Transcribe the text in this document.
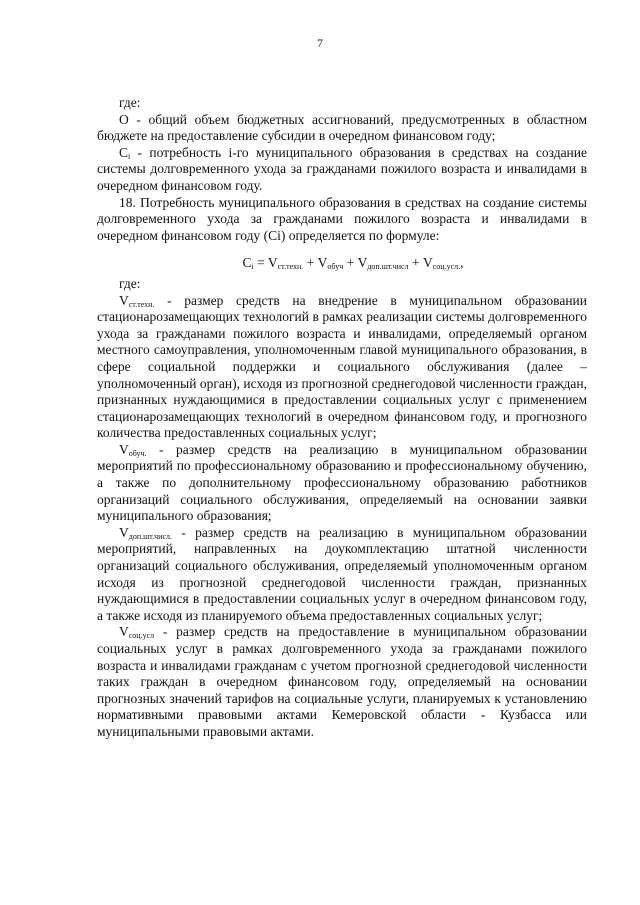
7

где:

О - общий объем бюджетных ассигнований, предусмотренных в областном бюджете на предоставление субсидии в очередном финансовом году;

$C_i$ - потребность i-го муниципального образования в средствах на создание системы долговременного ухода за гражданами пожилого возраста и инвалидами в очередном финансовом году.

18. Потребность муниципального образования в средствах на создание системы долговременного ухода за гражданами пожилого возраста и инвалидами в очередном финансовом году (Ci) определяется по формуле:

$C_i = V_{ст.техн.} + V_{обуч} + V_{доп.шт.числ} + V_{соц.усл.}$,

где:

$V_{ст.техн.}$ - размер средств на внедрение в муниципальном образовании стационарозамещающих технологий в рамках реализации системы долговременного ухода за гражданами пожилого возраста и инвалидами, определяемый органом местного самоуправления, уполномоченным главой муниципального образования, в сфере социальной поддержки и социального обслуживания (далее – уполномоченный орган), исходя из прогнозной среднегодовой численности граждан, признанных нуждающимися в предоставлении социальных услуг с применением стационарозамещающих технологий в очередном финансовом году, и прогнозного количества предоставленных социальных услуг;

$V_{обуч.}$ - размер средств на реализацию в муниципальном образовании мероприятий по профессиональному образованию и профессиональному обучению, а также по дополнительному профессиональному образованию работников организаций социального обслуживания, определяемый на основании заявки муниципального образования;

$V_{доп.шт.числ.}$ - размер средств на реализацию в муниципальном образовании мероприятий, направленных на доукомплектацию штатной численности организаций социального обслуживания, определяемый уполномоченным органом исходя из прогнозной среднегодовой численности граждан, признанных нуждающимися в предоставлении социальных услуг в очередном финансовом году, а также исходя из планируемого объема предоставленных социальных услуг;

$V_{соц.усл}$ - размер средств на предоставление в муниципальном образовании социальных услуг в рамках долговременного ухода за гражданами пожилого возраста и инвалидами гражданам с учетом прогнозной среднегодовой численности таких граждан в очередном финансовом году, определяемый на основании прогнозных значений тарифов на социальные услуги, планируемых к установлению нормативными правовыми актами Кемеровской области - Кузбасса или муниципальными правовыми актами.
